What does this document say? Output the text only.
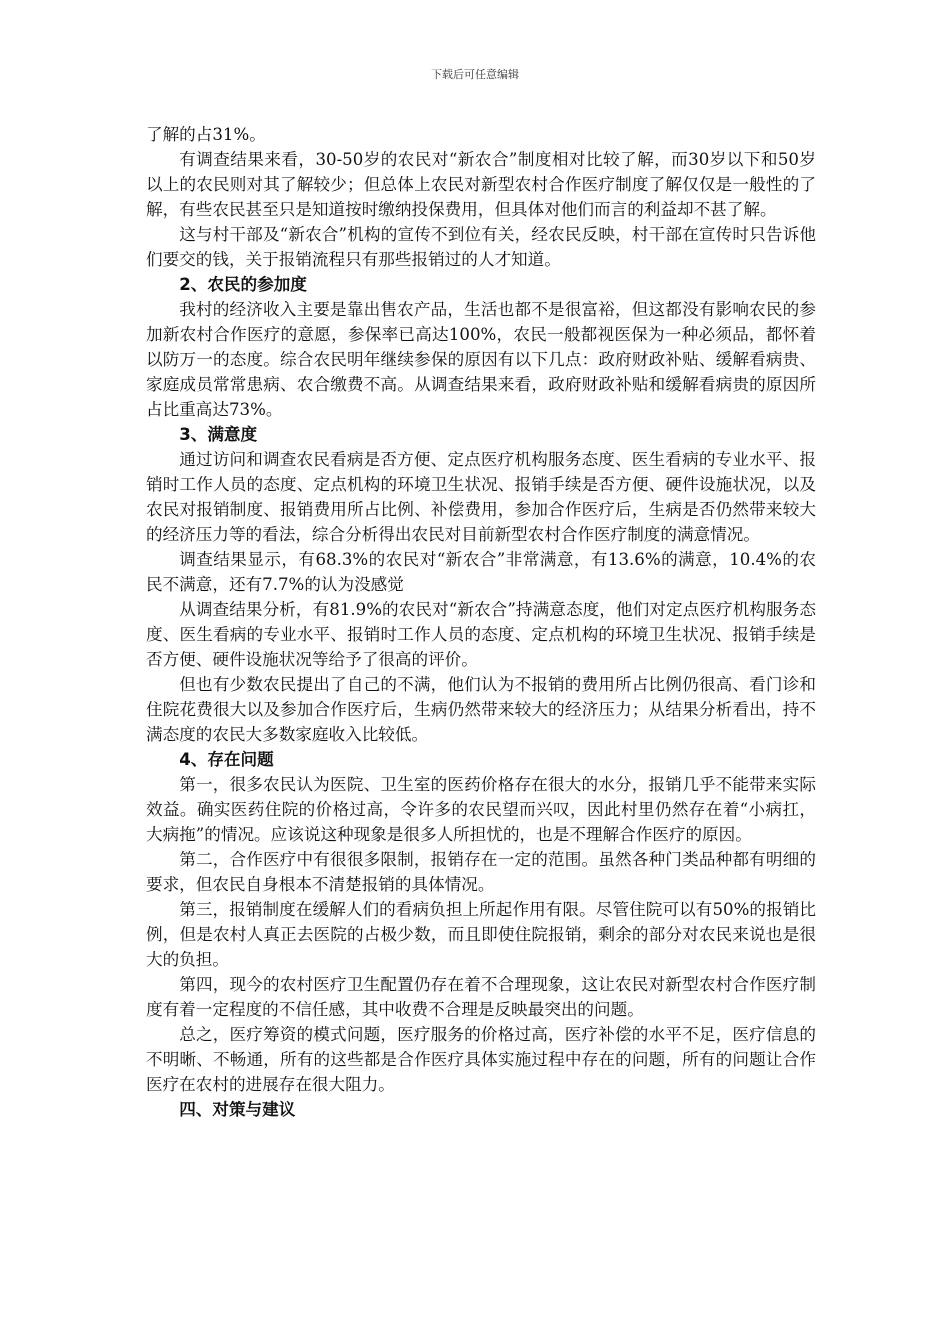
下载后可任意编辑

了解的占31%。

有调查结果来看，30-50岁的农民对“新农合”制度相对比较了解，而30岁以下和50岁以上的农民则对其了解较少；但总体上农民对新型农村合作医疗制度了解仅仅是一般性的了解，有些农民甚至只是知道按时缴纳投保费用，但具体对他们而言的利益却不甚了解。

这与村干部及“新农合”机构的宣传不到位有关，经农民反映，村干部在宣传时只告诉他们要交的钱，关于报销流程只有那些报销过的人才知道。

2、农民的参加度

我村的经济收入主要是靠出售农产品，生活也都不是很富裕，但这都没有影响农民的参加新农村合作医疗的意愿，参保率已高达100%，农民一般都视医保为一种必须品，都怀着以防万一的态度。综合农民明年继续参保的原因有以下几点：政府财政补贴、缓解看病贵、家庭成员常常患病、农合缴费不高。从调查结果来看，政府财政补贴和缓解看病贵的原因所占比重高达73%。

3、满意度

通过访问和调查农民看病是否方便、定点医疗机构服务态度、医生看病的专业水平、报销时工作人员的态度、定点机构的环境卫生状况、报销手续是否方便、硬件设施状况，以及农民对报销制度、报销费用所占比例、补偿费用，参加合作医疗后，生病是否仍然带来较大的经济压力等的看法，综合分析得出农民对目前新型农村合作医疗制度的满意情况。

调查结果显示，有68.3%的农民对“新农合”非常满意，有13.6%的满意，10.4%的农民不满意，还有7.7%的认为没感觉

从调查结果分析，有81.9%的农民对“新农合”持满意态度，他们对定点医疗机构服务态度、医生看病的专业水平、报销时工作人员的态度、定点机构的环境卫生状况、报销手续是否方便、硬件设施状况等给予了很高的评价。

但也有少数农民提出了自己的不满，他们认为不报销的费用所占比例仍很高、看门诊和住院花费很大以及参加合作医疗后，生病仍然带来较大的经济压力；从结果分析看出，持不满态度的农民大多数家庭收入比较低。

4、存在问题

第一，很多农民认为医院、卫生室的医药价格存在很大的水分，报销几乎不能带来实际效益。确实医药住院的价格过高，令许多的农民望而兴叹，因此村里仍然存在着“小病扛，大病拖”的情况。应该说这种现象是很多人所担忧的，也是不理解合作医疗的原因。

第二，合作医疗中有很很多限制，报销存在一定的范围。虽然各种门类品种都有明细的要求，但农民自身根本不清楚报销的具体情况。

第三，报销制度在缓解人们的看病负担上所起作用有限。尽管住院可以有50%的报销比例，但是农村人真正去医院的占极少数，而且即使住院报销，剩余的部分对农民来说也是很大的负担。

第四，现今的农村医疗卫生配置仍存在着不合理现象，这让农民对新型农村合作医疗制度有着一定程度的不信任感，其中收费不合理是反映最突出的问题。

总之，医疗筹资的模式问题，医疗服务的价格过高，医疗补偿的水平不足，医疗信息的不明晰、不畅通，所有的这些都是合作医疗具体实施过程中存在的问题，所有的问题让合作医疗在农村的进展存在很大阻力。

四、对策与建议
